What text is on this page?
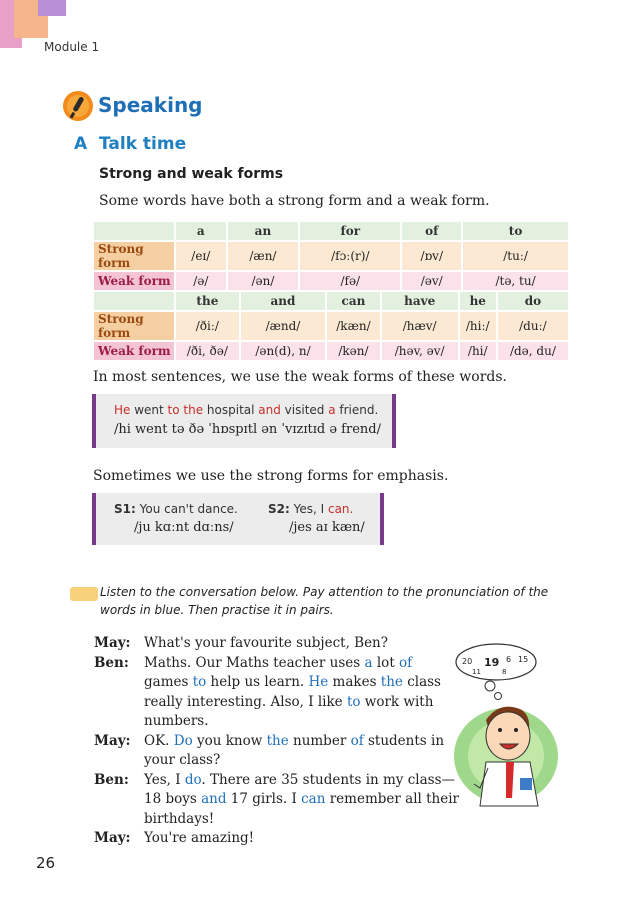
Module 1
Speaking
A Talk time
Strong and weak forms
Some words have both a strong form and a weak form.
	a	an	for	of	to
Strong form	/eɪ/	/æn/	/fɔː(r)/	/ɒv/	/tuː/
Weak form	/ə/	/ən/	/fə/	/əv/	/tə, tu/
	the	and	can	have	he	do
Strong form	/ðiː/	/ænd/	/kæn/	/hæv/	/hiː/	/duː/
Weak form	/ði, ðə/	/ən(d), n/	/kən/	/həv, əv/	/hi/	/də, du/
In most sentences, we use the weak forms of these words.
He went to the hospital and visited a friend.
/hi went tə ðə ˈhɒspɪtl ən ˈvɪzɪtɪd ə frend/
Sometimes we use the strong forms for emphasis.
S1: You can't dance.
/ju kɑːnt dɑːns/
S2: Yes, I can.
/jes aɪ kæn/
Listen to the conversation below. Pay attention to the pronunciation of the words in blue. Then practise it in pairs.
May: What's your favourite subject, Ben?
Ben:	Maths. Our Maths teacher uses a lot of
games to help us learn. He makes the class
really interesting. Also, I like to work with
numbers.
May: OK. Do you know the number of students in
your class?
Ben:	Yes, I do. There are 35 students in my class—
18 boys and 17 girls. I can remember all their
birthdays!
May: You're amazing!
19
20
11
6 15
8
26
